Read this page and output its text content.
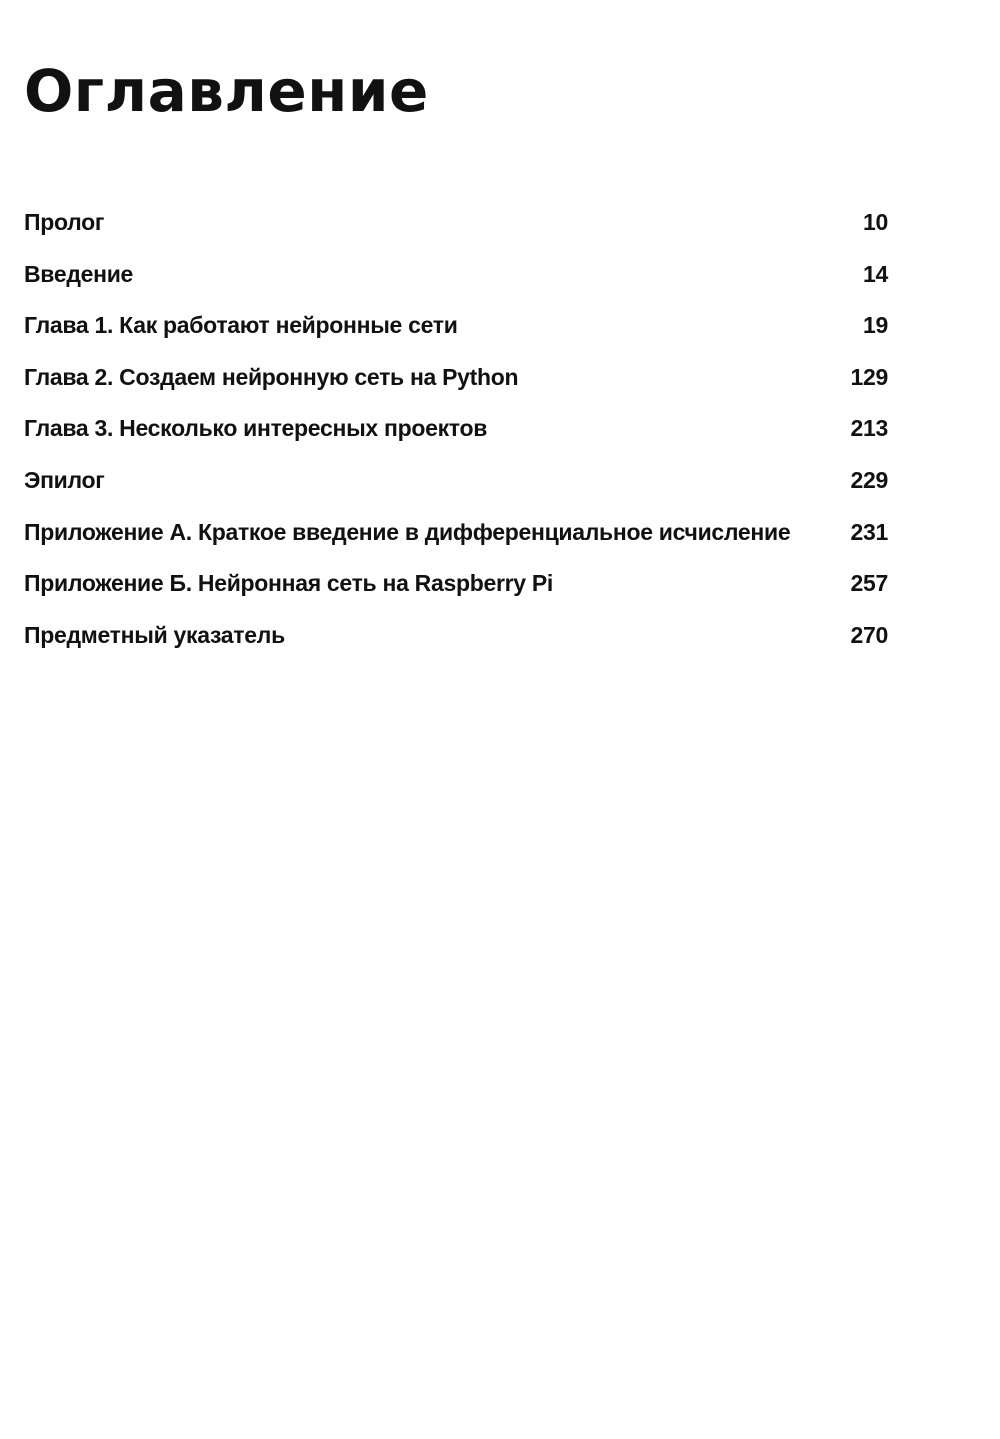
Оглавление
Пролог	10
Введение	14
Глава 1. Как работают нейронные сети	19
Глава 2. Создаем нейронную сеть на Python	129
Глава 3. Несколько интересных проектов	213
Эпилог	229
Приложение А. Краткое введение в дифференциальное исчисление	231
Приложение Б. Нейронная сеть на Raspberry Pi	257
Предметный указатель	270
